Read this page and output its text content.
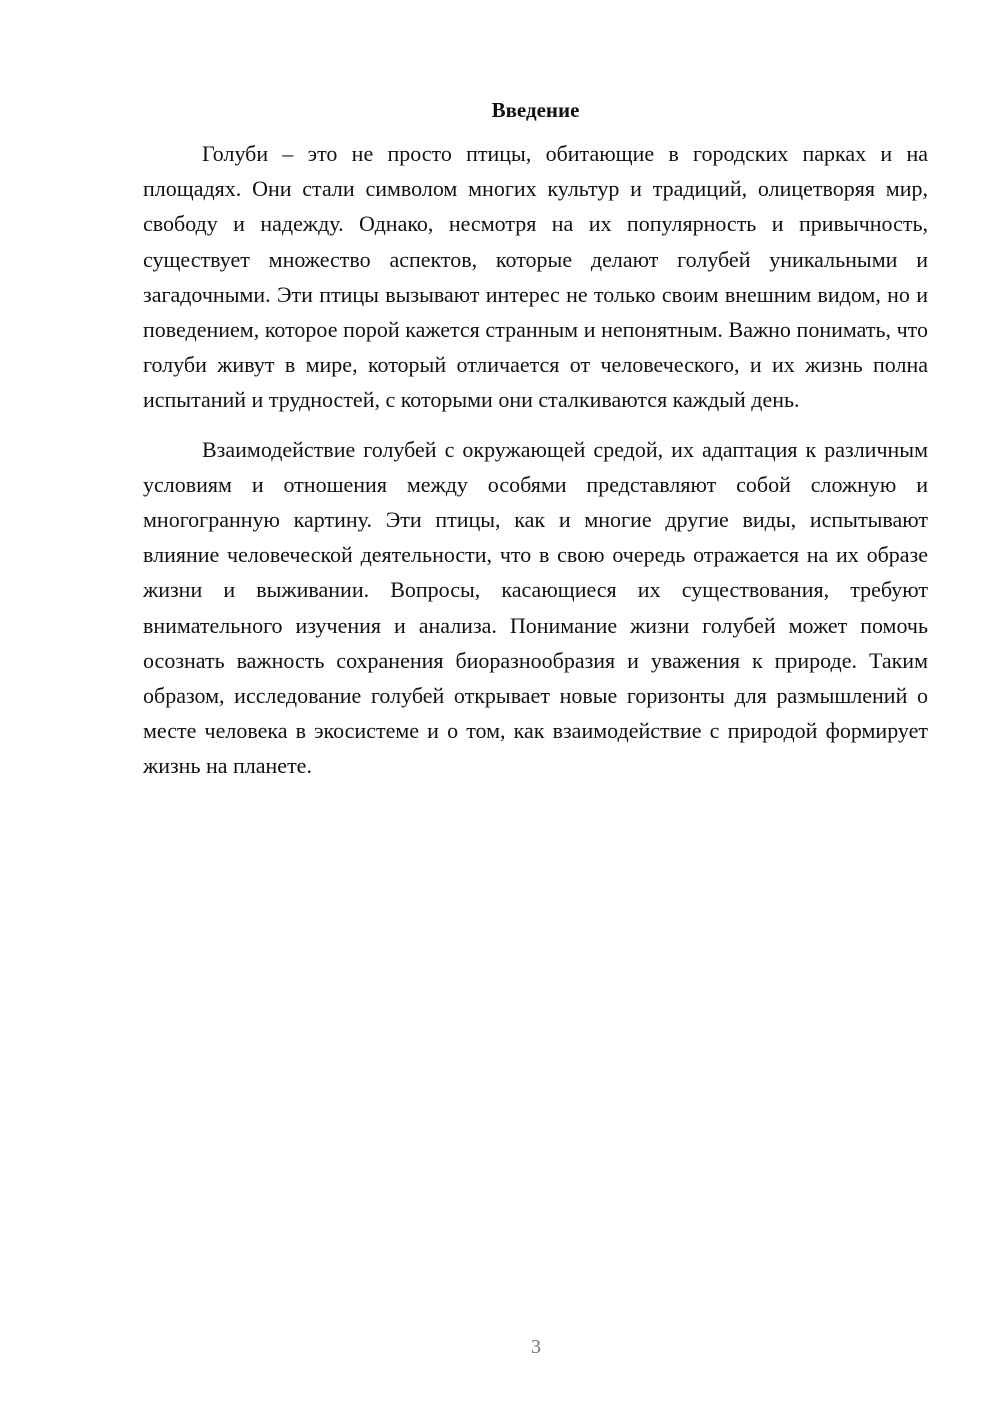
Введение

Голуби – это не просто птицы, обитающие в городских парках и на площадях. Они стали символом многих культур и традиций, олицетворяя мир, свободу и надежду. Однако, несмотря на их популярность и привычность, существует множество аспектов, которые делают голубей уникальными и загадочными. Эти птицы вызывают интерес не только своим внешним видом, но и поведением, которое порой кажется странным и непонятным. Важно понимать, что голуби живут в мире, который отличается от человеческого, и их жизнь полна испытаний и трудностей, с которыми они сталкиваются каждый день.

Взаимодействие голубей с окружающей средой, их адаптация к различным условиям и отношения между особями представляют собой сложную и многогранную картину. Эти птицы, как и многие другие виды, испытывают влияние человеческой деятельности, что в свою очередь отражается на их образе жизни и выживании. Вопросы, касающиеся их существования, требуют внимательного изучения и анализа. Понимание жизни голубей может помочь осознать важность сохранения биоразнообразия и уважения к природе. Таким образом, исследование голубей открывает новые горизонты для размышлений о месте человека в экосистеме и о том, как взаимодействие с природой формирует жизнь на планете.

3
